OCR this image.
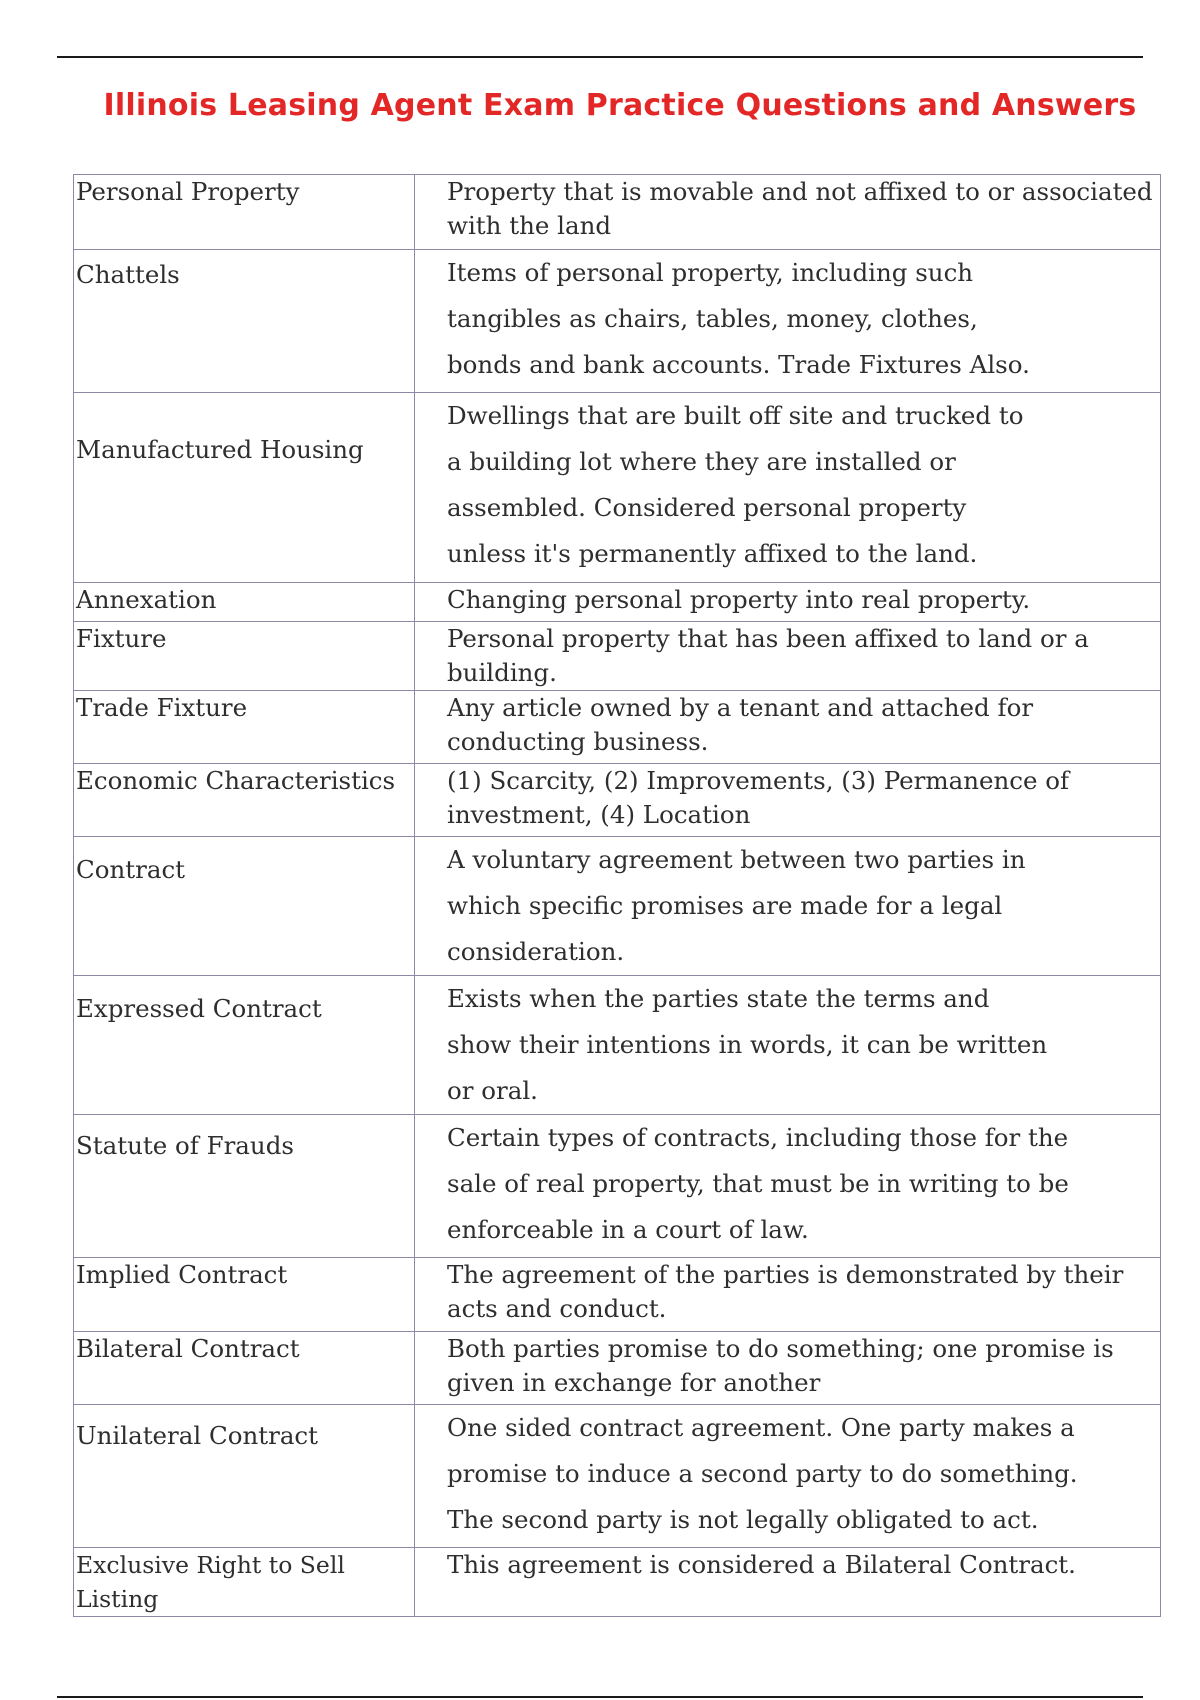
Illinois Leasing Agent Exam Practice Questions and Answers
Personal Property	Property that is movable and not affixed to or associated with the land
Chattels	Items of personal property, including such tangibles as chairs, tables, money, clothes, bonds and bank accounts. Trade Fixtures Also.
Manufactured Housing	Dwellings that are built off site and trucked to a building lot where they are installed or assembled. Considered personal property unless it's permanently affixed to the land.
Annexation	Changing personal property into real property.
Fixture	Personal property that has been affixed to land or a building.
Trade Fixture	Any article owned by a tenant and attached for conducting business.
Economic Characteristics	(1) Scarcity, (2) Improvements, (3) Permanence of investment, (4) Location
Contract	A voluntary agreement between two parties in which specific promises are made for a legal consideration.
Expressed Contract	Exists when the parties state the terms and show their intentions in words, it can be written or oral.
Statute of Frauds	Certain types of contracts, including those for the sale of real property, that must be in writing to be enforceable in a court of law.
Implied Contract	The agreement of the parties is demonstrated by their acts and conduct.
Bilateral Contract	Both parties promise to do something; one promise is given in exchange for another
Unilateral Contract	One sided contract agreement. One party makes a promise to induce a second party to do something. The second party is not legally obligated to act.
Exclusive Right to Sell Listing	This agreement is considered a Bilateral Contract.
